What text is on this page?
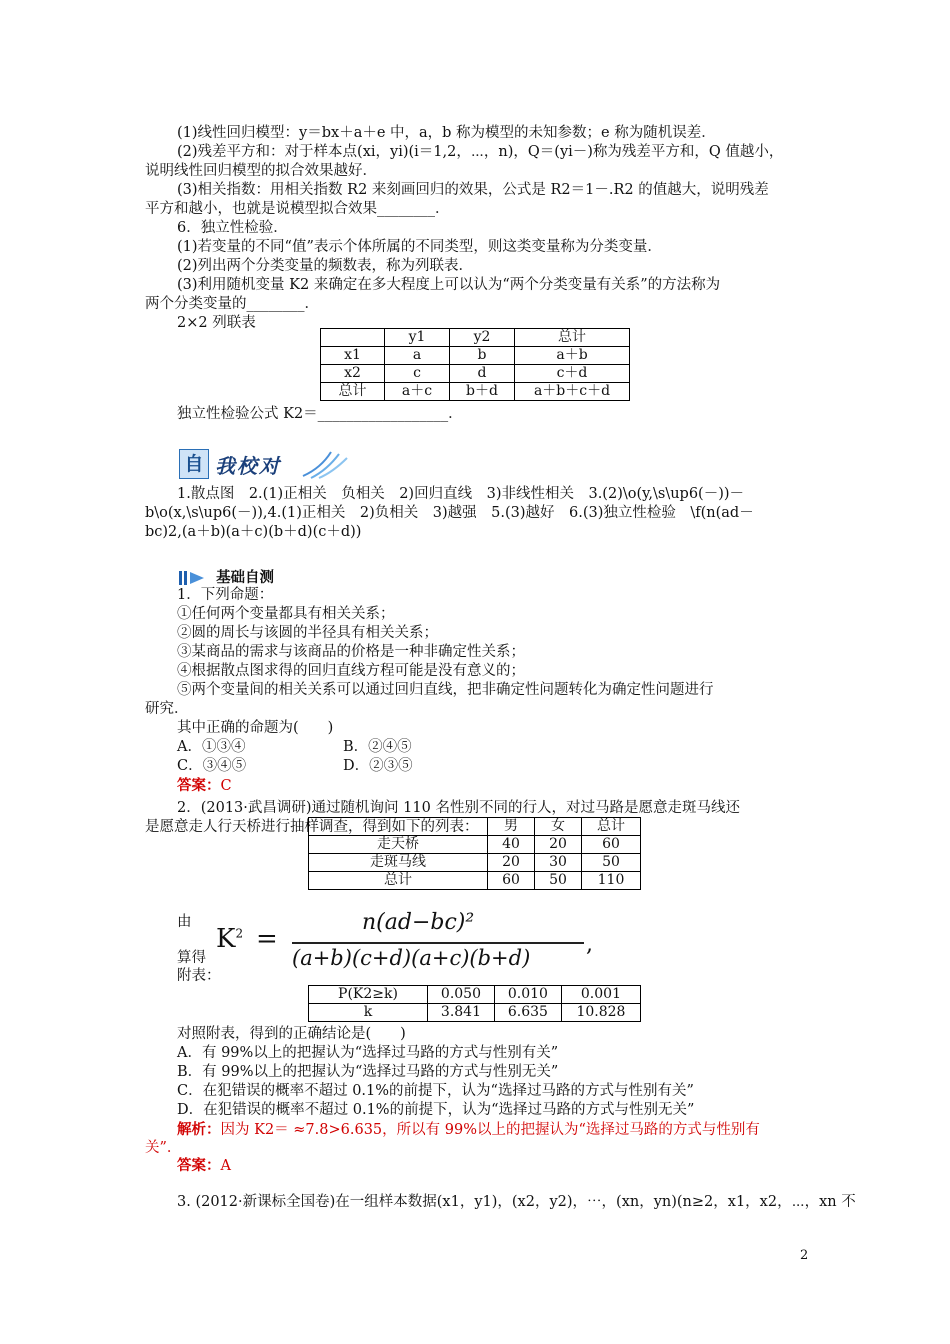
(1)线性回归模型：y＝bx＋a＋e 中，a，b 称为模型的未知参数；e 称为随机误差．
(2)残差平方和：对于样本点(xi，yi)(i＝1,2，⋯，n)，Q＝(yi－)称为残差平方和，Q 值越小，
说明线性回归模型的拟合效果越好．
(3)相关指数：用相关指数 R2 来刻画回归的效果，公式是 R2＝1－.R2 的值越大，说明残差
平方和越小，也就是说模型拟合效果________．
6．独立性检验．
(1)若变量的不同“值”表示个体所属的不同类型，则这类变量称为分类变量．
(2)列出两个分类变量的频数表，称为列联表．
(3)利用随机变量 K2 来确定在多大程度上可以认为“两个分类变量有关系”的方法称为
两个分类变量的________．
2×2 列联表
	y1	y2	总计
x1	a	b	a＋b
x2	c	d	c＋d
总计	a＋c	b＋d	a＋b＋c＋d
独立性检验公式 K2＝__________________．
自 我校对
1.散点图　2.(1)正相关　负相关　2)回归直线　3)非线性相关　3.(2)\o(y,\s\up6(－))－
b\o(x,\s\up6(－)),4.(1)正相关　2)负相关　3)越强　5.(3)越好　6.(3)独立性检验　\f(n(ad－
bc)2,(a＋b)(a＋c)(b＋d)(c＋d))
基础自测
1．下列命题：
①任何两个变量都具有相关关系；
②圆的周长与该圆的半径具有相关关系；
③某商品的需求与该商品的价格是一种非确定性关系；
④根据散点图求得的回归直线方程可能是没有意义的；
⑤两个变量间的相关关系可以通过回归直线，把非确定性问题转化为确定性问题进行
研究．
其中正确的命题为(　　)
A．①③④	B．②④⑤
C．③④⑤	D．②③⑤
答案：C
2．(2013·武昌调研)通过随机询问 110 名性别不同的行人，对过马路是愿意走斑马线还
是愿意走人行天桥进行抽样调查，得到如下的列表：
		男	女	总计
走天桥	40	20	60
走斑马线	20	30	50
总计	60	50	110
由
$K^2$ =
n(ad−bc)²
(a+b)(c+d)(a+c)(b+d)
,
算得
附表：
P(K2≥k)	0.050	0.010	0.001
k	3.841	6.635	10.828
对照附表，得到的正确结论是(　　)
A．有 99%以上的把握认为“选择过马路的方式与性别有关”
B．有 99%以上的把握认为“选择过马路的方式与性别无关”
C．在犯错误的概率不超过 0.1%的前提下，认为“选择过马路的方式与性别有关”
D．在犯错误的概率不超过 0.1%的前提下，认为“选择过马路的方式与性别无关”
解析：因为 K2＝ ≈7.8>6.635，所以有 99%以上的把握认为“选择过马路的方式与性别有
关”．
答案：A
3. (2012·新课标全国卷)在一组样本数据(x1，y1)，(x2，y2)，⋯，(xn，yn)(n≥2，x1，x2，⋯，xn 不
2
